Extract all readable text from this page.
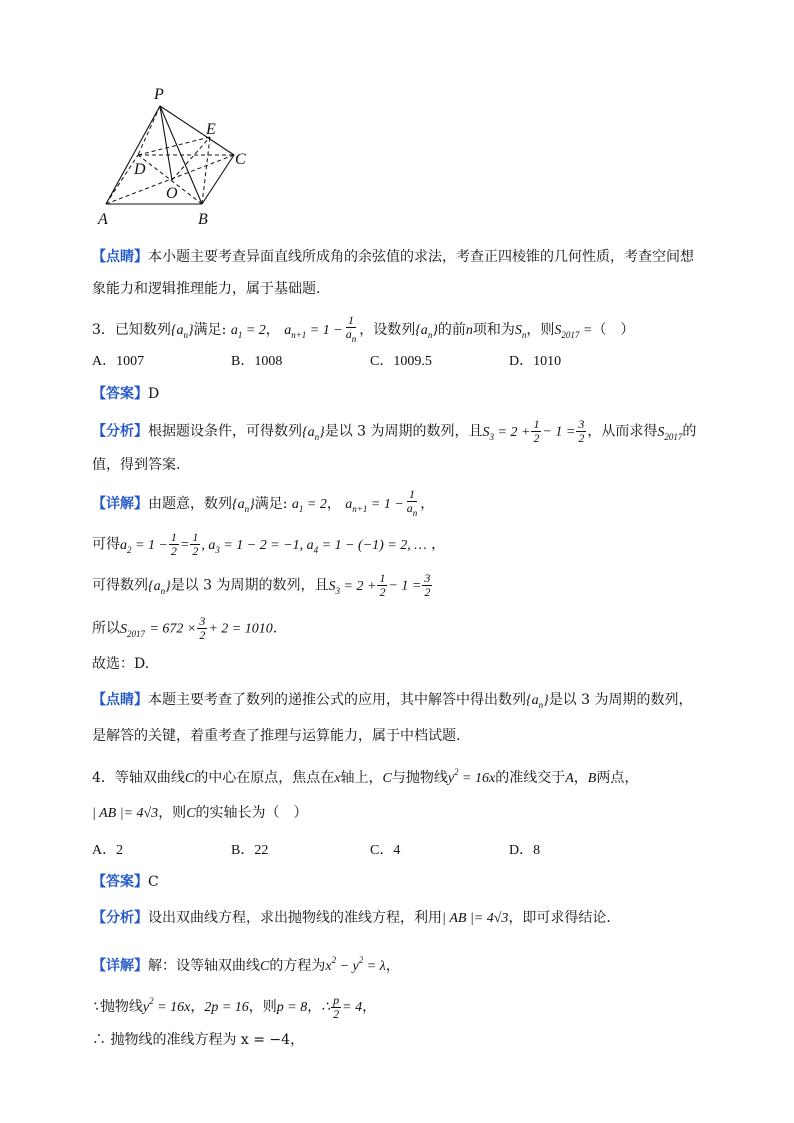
P
E
C
D
O
A	B
【点睛】本小题主要考查异面直线所成角的余弦值的求法，考查正四棱锥的几何性质，考查空间想
象能力和逻辑推理能力，属于基础题.
3．已知数列$\{a_n\}$满足: $a_1 = 2$， $a_{n+1} = 1 - \frac{1}{a_n}$ ，设数列$\{a_n\}$的前n项和为$S_n$，则$S_{2017}$ =（　）
A．1007	B．1008	C．1009.5	D．1010
【答案】D
【分析】根据题设条件，可得数列$\{a_n\}$是以 3 为周期的数列，且$S_3 = 2 + \frac{1}{2} - 1 = \frac{3}{2}$ ，从而求得$S_{2017}$的
值，得到答案.
【详解】由题意，数列$\{a_n\}$满足: $a_1 = 2$， $a_{n+1} = 1 - \frac{1}{a_n}$ ，
可得$a_2 = 1 - \frac{1}{2} = \frac{1}{2}$ , $a_3 = 1 - 2 = -1$, $a_4 = 1 - (-1) = 2$, … ，
可得数列$\{a_n\}$是以 3 为周期的数列，且$S_3 = 2 + \frac{1}{2} - 1 = \frac{3}{2}$
所以$S_{2017} = 672 \times \frac{3}{2} + 2 = 1010$.
故选：D.
【点睛】本题主要考查了数列的递推公式的应用，其中解答中得出数列$\{a_n\}$是以 3 为周期的数列，
是解答的关键，着重考查了推理与运算能力，属于中档试题.
4．等轴双曲线C的中心在原点，焦点在x轴上，C与抛物线$y^2 = 16x$的准线交于A，B两点，
| AB |= 4√3，则C的实轴长为（　）
A．2	B．22	C．4	D．8
【答案】C
【分析】设出双曲线方程，求出抛物线的准线方程，利用| AB |= 4√3，即可求得结论.
【详解】解：设等轴双曲线C的方程为$x^2 - y^2 = \lambda$，
∵抛物线$y^2 = 16x$，2p = 16，则p = 8，∴ $\frac{p}{2} = 4$，
∴ 抛物线的准线方程为 x = −4，
